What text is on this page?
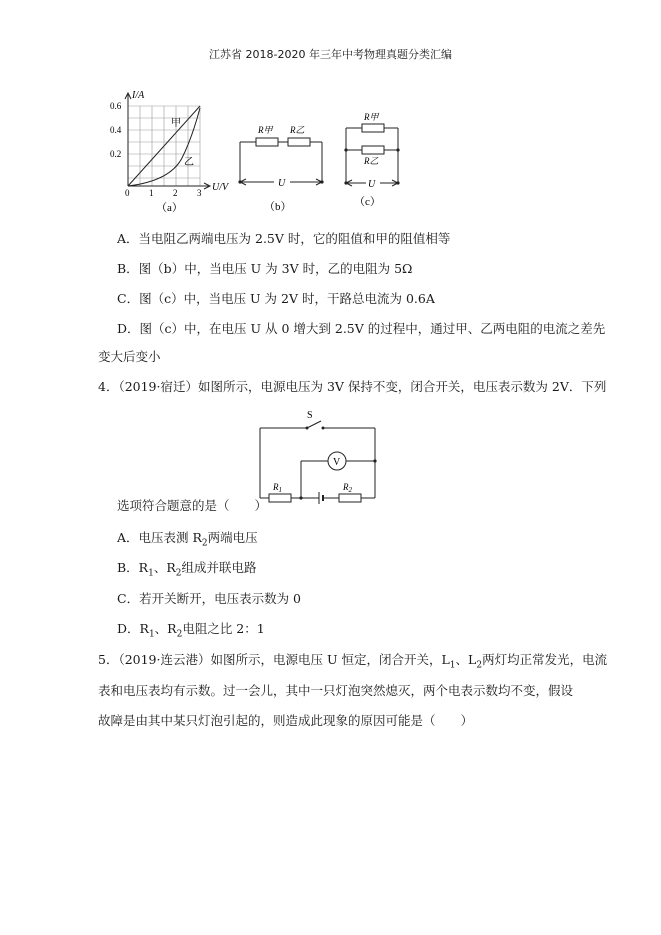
江苏省 2018-2020 年三年中考物理真题分类汇编
I/A
U/V
0.6
0.4
0.2
0 1 2 3
甲
乙
（a）
R甲 R乙
U
（b）
R甲
R乙
U
（c）
A．当电阻乙两端电压为 2.5V 时，它的阻值和甲的阻值相等
B．图（b）中，当电压 U 为 3V 时，乙的电阻为 5Ω
C．图（c）中，当电压 U 为 2V 时，干路总电流为 0.6A
D．图（c）中，在电压 U 从 0 增大到 2.5V 的过程中，通过甲、乙两电阻的电流之差先
变大后变小
4．（2019·宿迁）如图所示，电源电压为 3V 保持不变，闭合开关，电压表示数为 2V．下列
S
V
$R_1$	$R_2$
选项符合题意的是（　　）
A．电压表测 $R_2$两端电压
B．$R_1$、$R_2$组成并联电路
C．若开关断开，电压表示数为 0
D．$R_1$、$R_2$电阻之比 2：1
5．（2019·连云港）如图所示，电源电压 U 恒定，闭合开关，$L_1$、$L_2$两灯均正常发光，电流
表和电压表均有示数。过一会儿，其中一只灯泡突然熄灭，两个电表示数均不变，假设
故障是由其中某只灯泡引起的，则造成此现象的原因可能是（　　）
